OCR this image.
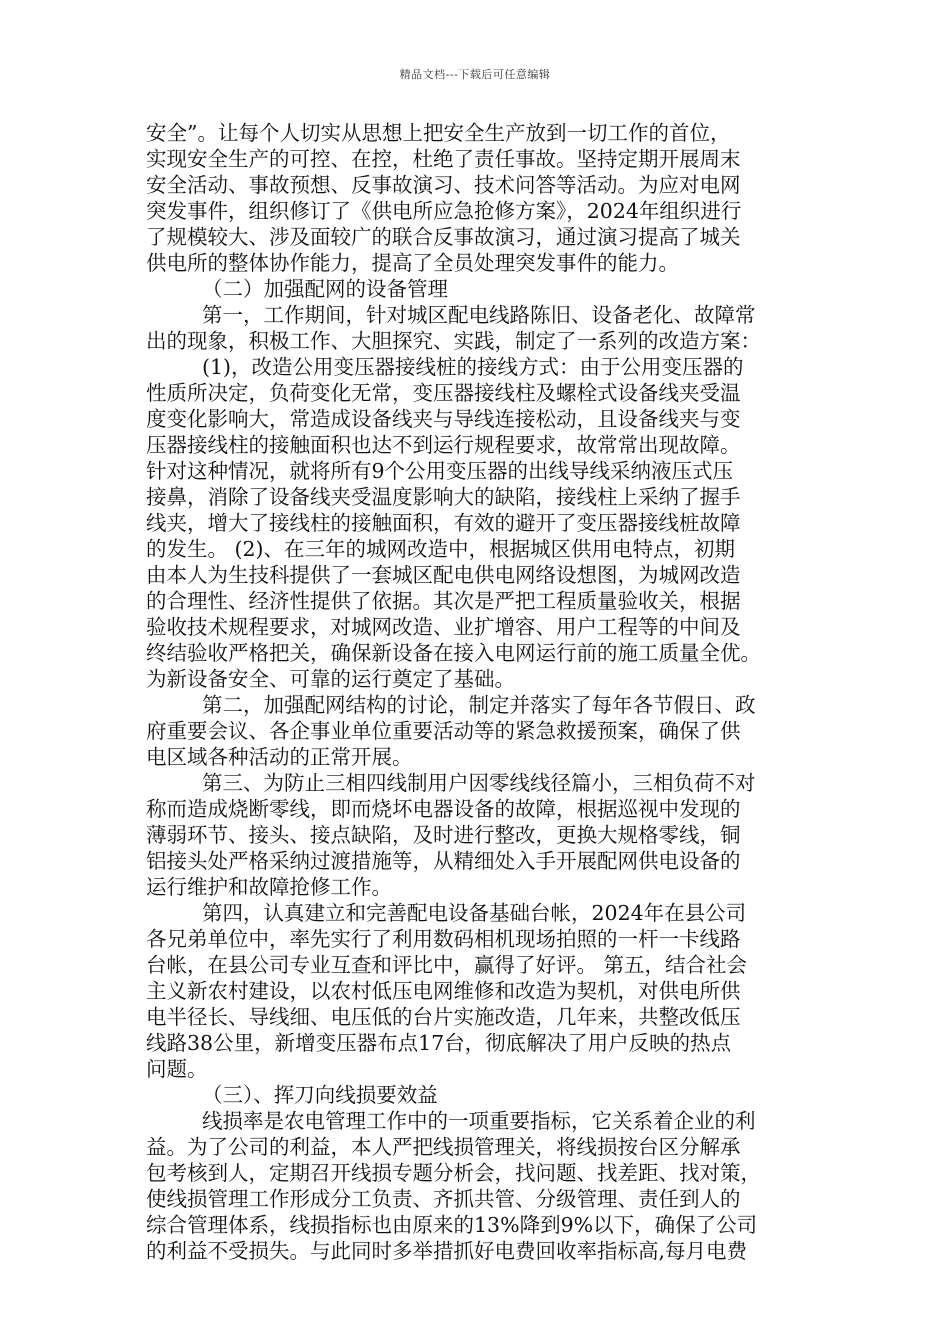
精品文档---下载后可任意编辑
安全”。让每个人切实从思想上把安全生产放到一切工作的首位，
实现安全生产的可控、在控，杜绝了责任事故。坚持定期开展周末
安全活动、事故预想、反事故演习、技术问答等活动。为应对电网
突发事件，组织修订了《供电所应急抢修方案》，2024年组织进行
了规模较大、涉及面较广的联合反事故演习，通过演习提高了城关
供电所的整体协作能力，提高了全员处理突发事件的能力。
（二）加强配网的设备管理
第一，工作期间，针对城区配电线路陈旧、设备老化、故障常
出的现象，积极工作、大胆探究、实践，制定了一系列的改造方案：
(1)，改造公用变压器接线桩的接线方式：由于公用变压器的
性质所决定，负荷变化无常，变压器接线柱及螺栓式设备线夹受温
度变化影响大，常造成设备线夹与导线连接松动，且设备线夹与变
压器接线柱的接触面积也达不到运行规程要求，故常常出现故障。
针对这种情况，就将所有9个公用变压器的出线导线采纳液压式压
接鼻，消除了设备线夹受温度影响大的缺陷，接线柱上采纳了握手
线夹，增大了接线柱的接触面积，有效的避开了变压器接线桩故障
的发生。 (2)、在三年的城网改造中，根据城区供用电特点，初期
由本人为生技科提供了一套城区配电供电网络设想图，为城网改造
的合理性、经济性提供了依据。其次是严把工程质量验收关，根据
验收技术规程要求，对城网改造、业扩增容、用户工程等的中间及
终结验收严格把关，确保新设备在接入电网运行前的施工质量全优。
为新设备安全、可靠的运行奠定了基础。
第二，加强配网结构的讨论，制定并落实了每年各节假日、政
府重要会议、各企事业单位重要活动等的紧急救援预案，确保了供
电区域各种活动的正常开展。
第三、为防止三相四线制用户因零线线径篇小，三相负荷不对
称而造成烧断零线，即而烧坏电器设备的故障，根据巡视中发现的
薄弱环节、接头、接点缺陷，及时进行整改，更换大规格零线，铜
铝接头处严格采纳过渡措施等，从精细处入手开展配网供电设备的
运行维护和故障抢修工作。
第四，认真建立和完善配电设备基础台帐，2024年在县公司
各兄弟单位中，率先实行了利用数码相机现场拍照的一杆一卡线路
台帐，在县公司专业互查和评比中，赢得了好评。 第五，结合社会
主义新农村建设，以农村低压电网维修和改造为契机，对供电所供
电半径长、导线细、电压低的台片实施改造，几年来，共整改低压
线路38公里，新增变压器布点17台，彻底解决了用户反映的热点
问题。
（三）、挥刀向线损要效益
线损率是农电管理工作中的一项重要指标，它关系着企业的利
益。为了公司的利益，本人严把线损管理关，将线损按台区分解承
包考核到人，定期召开线损专题分析会，找问题、找差距、找对策，
使线损管理工作形成分工负责、齐抓共管、分级管理、责任到人的
综合管理体系，线损指标也由原来的13%降到9%以下，确保了公司
的利益不受损失。与此同时多举措抓好电费回收率指标高,每月电费
